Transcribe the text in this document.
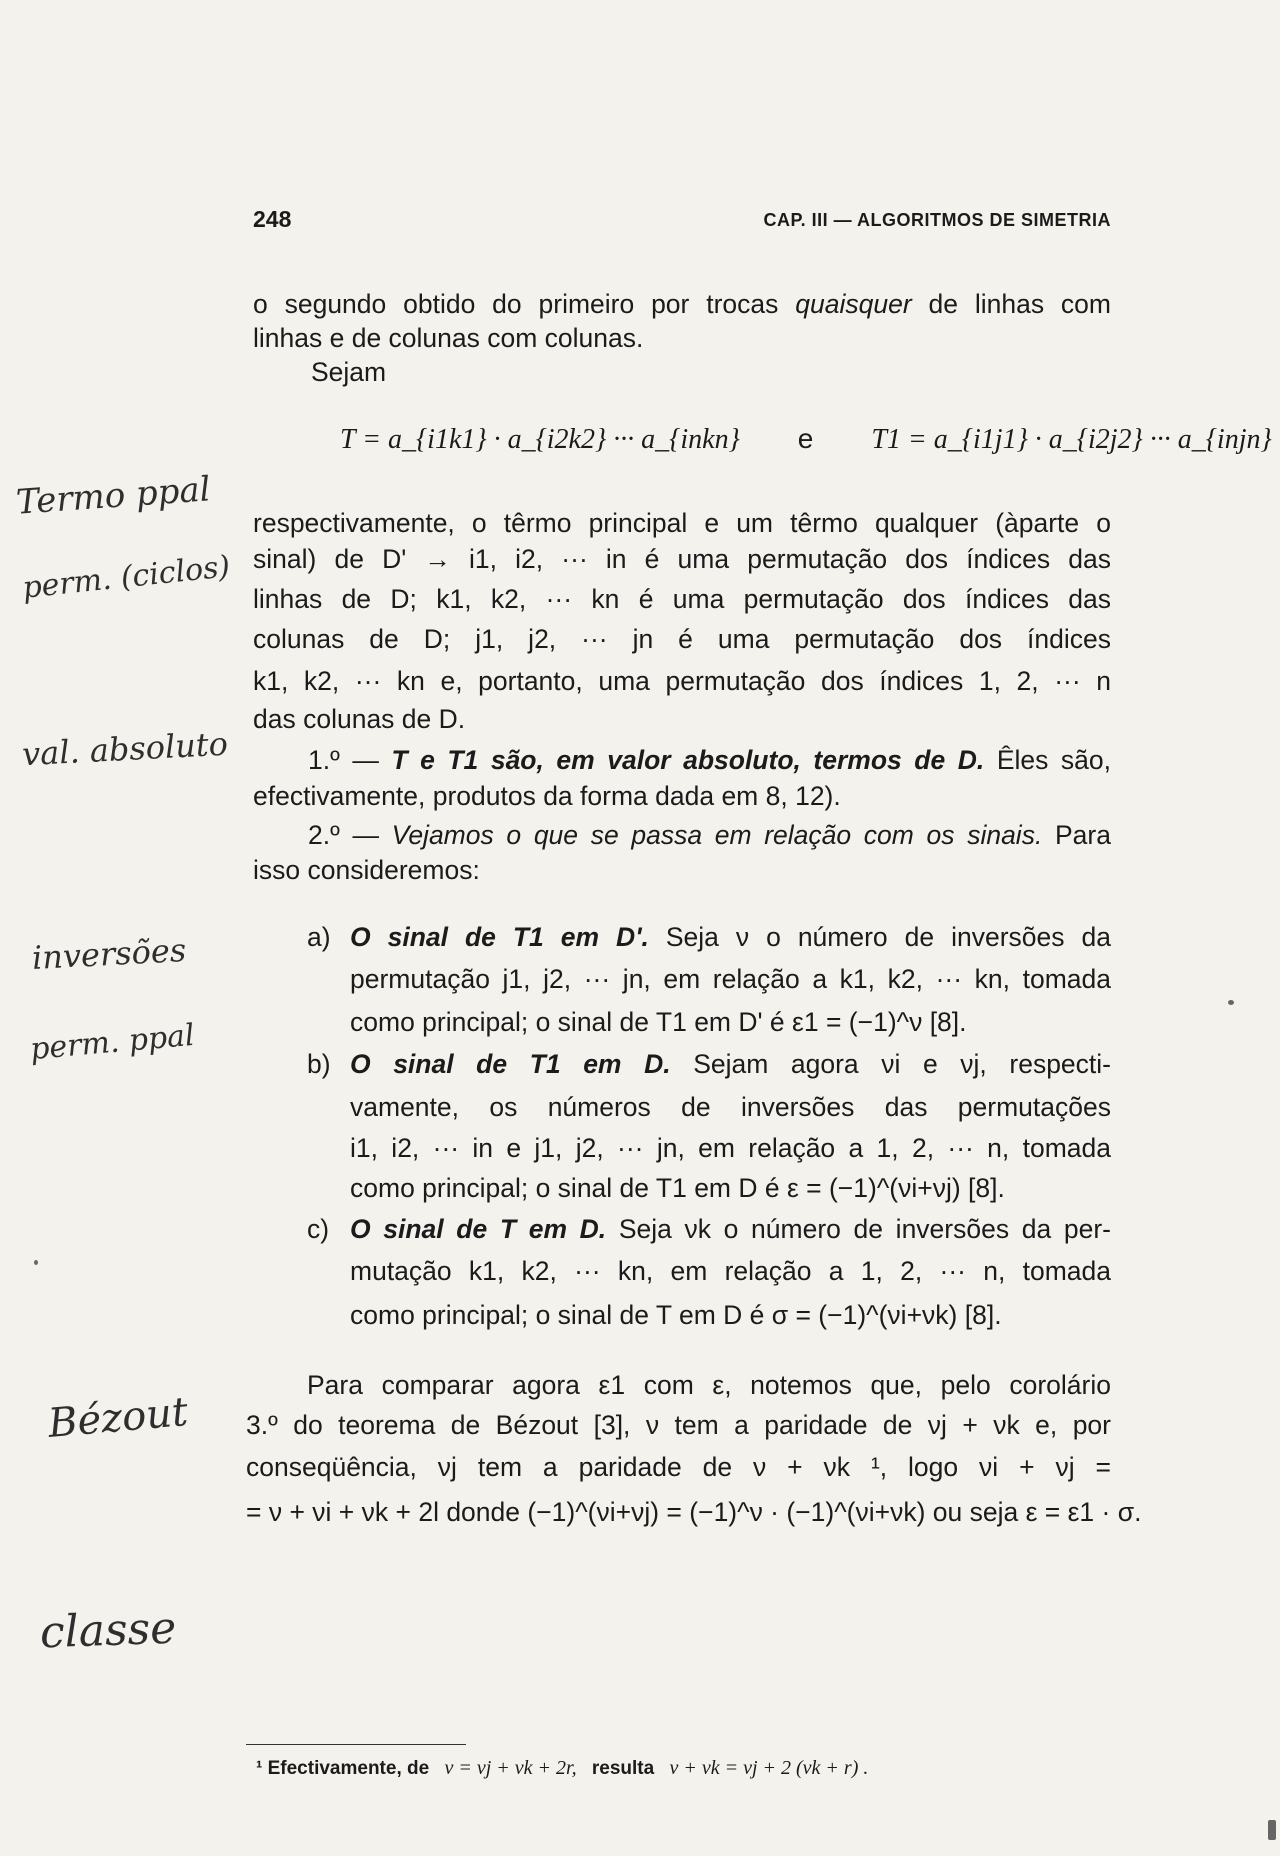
248	CAP. III — ALGORITMOS DE SIMETRIA
Termo ppal
perm. (ciclos)
val. absoluto
inversões
perm. ppal
Bézout
classe
o segundo obtido do primeiro por trocas quaisquer de linhas com
linhas e de colunas com colunas.
Sejam
T = a_{i1k1} · a_{i2k2} ··· a_{inkn} e T1 = a_{i1j1} · a_{i2j2} ··· a_{injn}
respectivamente, o têrmo principal e um têrmo qualquer (àparte o
sinal) de D' → i1, i2, ··· in é uma permutação dos índices das
linhas de D; k1, k2, ··· kn é uma permutação dos índices das
colunas de D; j1, j2, ··· jn é uma permutação dos índices
k1, k2, ··· kn e, portanto, uma permutação dos índices 1, 2, ··· n
das colunas de D.
1.º — T e T1 são, em valor absoluto, termos de D. Êles são,
efectivamente, produtos da forma dada em 8, 12).
2.º — Vejamos o que se passa em relação com os sinais. Para
isso consideremos:
a) O sinal de T1 em D'. Seja ν o número de inversões da
permutação j1, j2, ··· jn, em relação a k1, k2, ··· kn, tomada
como principal; o sinal de T1 em D' é ε1 = (−1)^ν [8].
b) O sinal de T1 em D. Sejam agora νi e νj, respecti-
vamente, os números de inversões das permutações
i1, i2, ··· in e j1, j2, ··· jn, em relação a 1, 2, ··· n, tomada
como principal; o sinal de T1 em D é ε = (−1)^(νi+νj) [8].
c) O sinal de T em D. Seja νk o número de inversões da per-
mutação k1, k2, ··· kn, em relação a 1, 2, ··· n, tomada
como principal; o sinal de T em D é σ = (−1)^(νi+νk) [8].
Para comparar agora ε1 com ε, notemos que, pelo corolário
3.º do teorema de Bézout [3], ν tem a paridade de νj + νk e, por
conseqüência, νj tem a paridade de ν + νk ¹, logo νi + νj =
= ν + νi + νk + 2l donde (−1)^(νi+νj) = (−1)^ν · (−1)^(νi+νk) ou seja ε = ε1 · σ.
¹ Efectivamente, de ν = νj + νk + 2r, resulta ν + νk = νj + 2 (νk + r) .
